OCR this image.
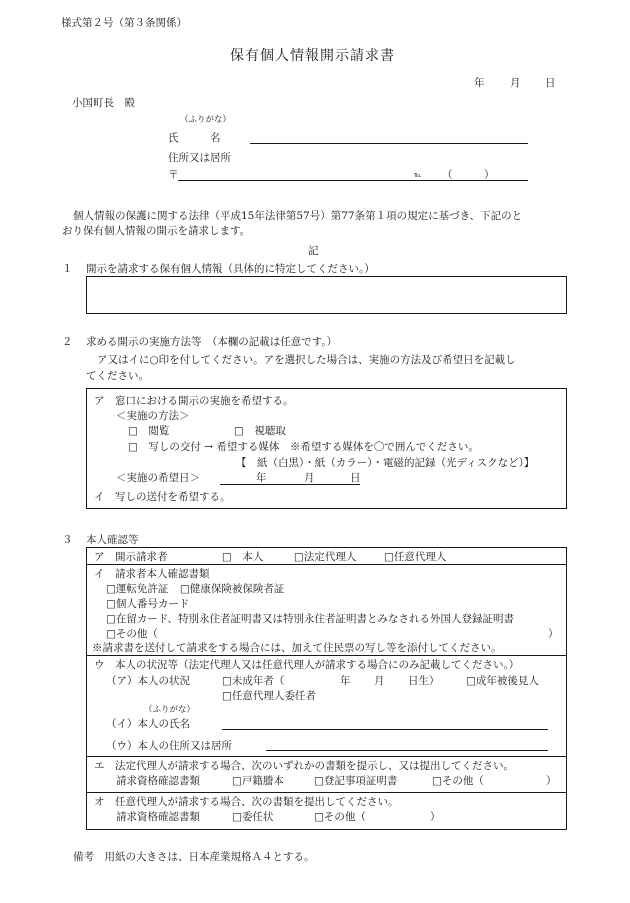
様式第２号（第３条関係）
保有個人情報開示請求書
年 月 日
小国町長　殿
（ふりがな）
氏　　　名
住所又は居所
〒	℡ （　　　）
個人情報の保護に関する法律（平成15年法律第57号）第77条第１項の規定に基づき、下記のと
おり保有個人情報の開示を請求します。
記
１ 開示を請求する保有個人情報（具体的に特定してください。）
２ 求める開示の実施方法等　（本欄の記載は任意です。）
ア又はイに○印を付してください。アを選択した場合は、実施の方法及び希望日を記載し
てください。
ア　窓口における開示の実施を希望する。
＜実施の方法＞
□　閲覧	□　視聴取
□　写しの交付 → 希望する媒体　※希望する媒体を〇で囲んでください。
【　紙（白黒）・紙（カラー）・電磁的記録（光ディスクなど）】
＜実施の希望日＞	年	月	日
イ　写しの送付を希望する。
３ 本人確認等
ア　開示請求者	□　本人	□法定代理人	□任意代理人
イ　請求者本人確認書類
□運転免許証 □健康保険被保険者証
□個人番号カード
□在留カード、特別永住者証明書又は特別永住者証明書とみなされる外国人登録証明書
□その他（	）
※請求書を送付して請求をする場合には、加えて住民票の写し等を添付してください。
ウ　本人の状況等（法定代理人又は任意代理人が請求する場合にのみ記載してください。）
（ア）本人の状況	□未成年者（	年 月 日生）	□成年被後見人
□任意代理人委任者
（ふりがな）
（イ）本人の氏名
（ウ）本人の住所又は居所
エ　法定代理人が請求する場合、次のいずれかの書類を提示し、又は提出してください。
請求資格確認書類	□戸籍謄本	□登記事項証明書	□その他（	）
オ　任意代理人が請求する場合、次の書類を提出してください。
請求資格確認書類	□委任状	□その他（	）
備考　用紙の大きさは、日本産業規格Ａ４とする。
